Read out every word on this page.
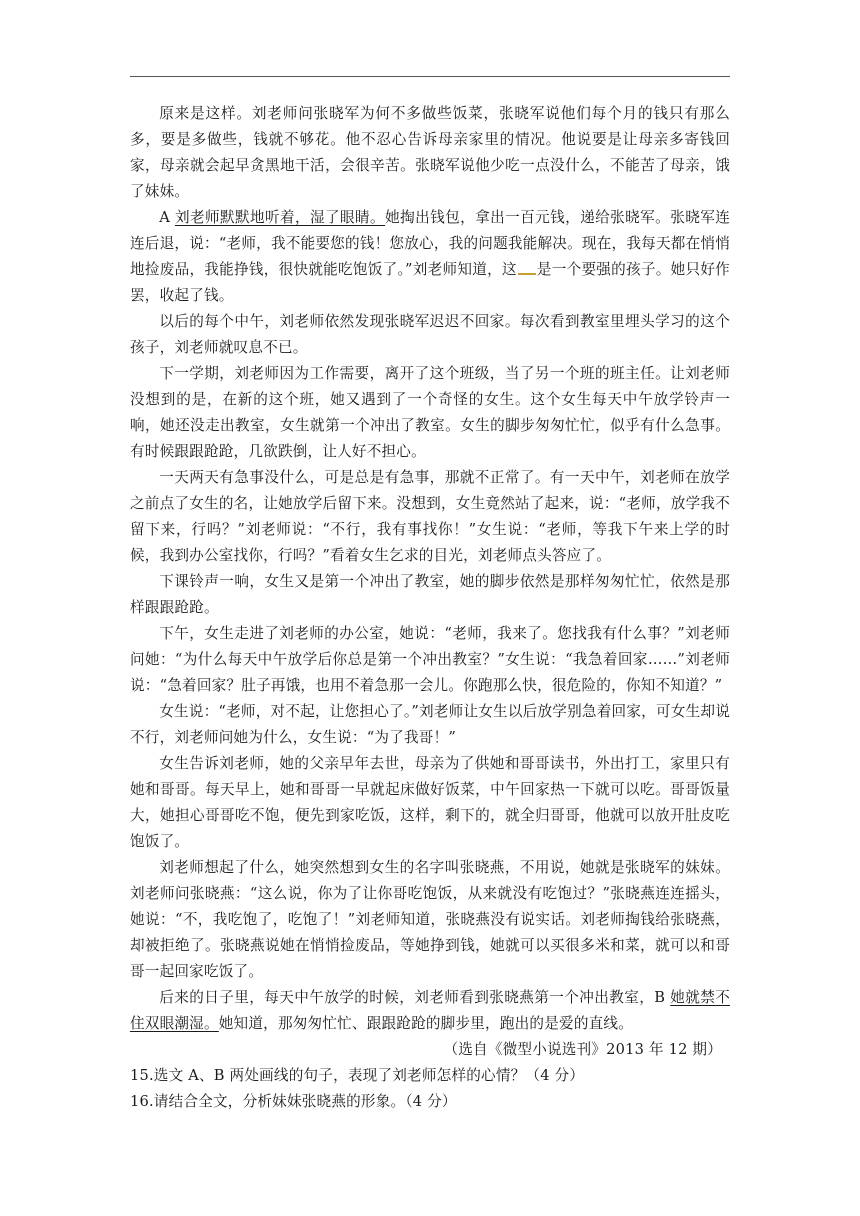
原来是这样。刘老师问张晓军为何不多做些饭菜，张晓军说他们每个月的钱只有那么多，要是多做些，钱就不够花。他不忍心告诉母亲家里的情况。他说要是让母亲多寄钱回家，母亲就会起早贪黑地干活，会很辛苦。张晓军说他少吃一点没什么，不能苦了母亲，饿了妹妹。

A 刘老师默默地听着，湿了眼睛。她掏出钱包，拿出一百元钱，递给张晓军。张晓军连连后退，说：“老师，我不能要您的钱！您放心，我的问题我能解决。现在，我每天都在悄悄地捡废品，我能挣钱，很快就能吃饱饭了。”刘老师知道，这 是一个要强的孩子。她只好作罢，收起了钱。

以后的每个中午，刘老师依然发现张晓军迟迟不回家。每次看到教室里埋头学习的这个孩子，刘老师就叹息不已。

下一学期，刘老师因为工作需要，离开了这个班级，当了另一个班的班主任。让刘老师没想到的是，在新的这个班，她又遇到了一个奇怪的女生。这个女生每天中午放学铃声一响，她还没走出教室，女生就第一个冲出了教室。女生的脚步匆匆忙忙，似乎有什么急事。有时候跟跟跄跄，几欲跌倒，让人好不担心。

一天两天有急事没什么，可是总是有急事，那就不正常了。有一天中午，刘老师在放学之前点了女生的名，让她放学后留下来。没想到，女生竟然站了起来，说：“老师，放学我不留下来，行吗？”刘老师说：“不行，我有事找你！”女生说：“老师，等我下午来上学的时候，我到办公室找你，行吗？”看着女生乞求的目光，刘老师点头答应了。

下课铃声一响，女生又是第一个冲出了教室，她的脚步依然是那样匆匆忙忙，依然是那样跟跟跄跄。

下午，女生走进了刘老师的办公室，她说：“老师，我来了。您找我有什么事？”刘老师问她：“为什么每天中午放学后你总是第一个冲出教室？”女生说：“我急着回家……”刘老师说：“急着回家？肚子再饿，也用不着急那一会儿。你跑那么快，很危险的，你知不知道？”

女生说：“老师，对不起，让您担心了。”刘老师让女生以后放学别急着回家，可女生却说不行，刘老师问她为什么，女生说：“为了我哥！”

女生告诉刘老师，她的父亲早年去世，母亲为了供她和哥哥读书，外出打工，家里只有她和哥哥。每天早上，她和哥哥一早就起床做好饭菜，中午回家热一下就可以吃。哥哥饭量大，她担心哥哥吃不饱，便先到家吃饭，这样，剩下的，就全归哥哥，他就可以放开肚皮吃饱饭了。

刘老师想起了什么，她突然想到女生的名字叫张晓燕，不用说，她就是张晓军的妹妹。刘老师问张晓燕：“这么说，你为了让你哥吃饱饭，从来就没有吃饱过？”张晓燕连连摇头，她说：“不，我吃饱了，吃饱了！”刘老师知道，张晓燕没有说实话。刘老师掏钱给张晓燕，却被拒绝了。张晓燕说她在悄悄捡废品，等她挣到钱，她就可以买很多米和菜，就可以和哥哥一起回家吃饭了。

后来的日子里，每天中午放学的时候，刘老师看到张晓燕第一个冲出教室，B 她就禁不住双眼潮湿。她知道，那匆匆忙忙、跟跟跄跄的脚步里，跑出的是爱的直线。

（选自《微型小说选刊》2013 年 12 期）

15.选文 A、B 两处画线的句子，表现了刘老师怎样的心情？（4 分）

16.请结合全文，分析妹妹张晓燕的形象。（4 分）
